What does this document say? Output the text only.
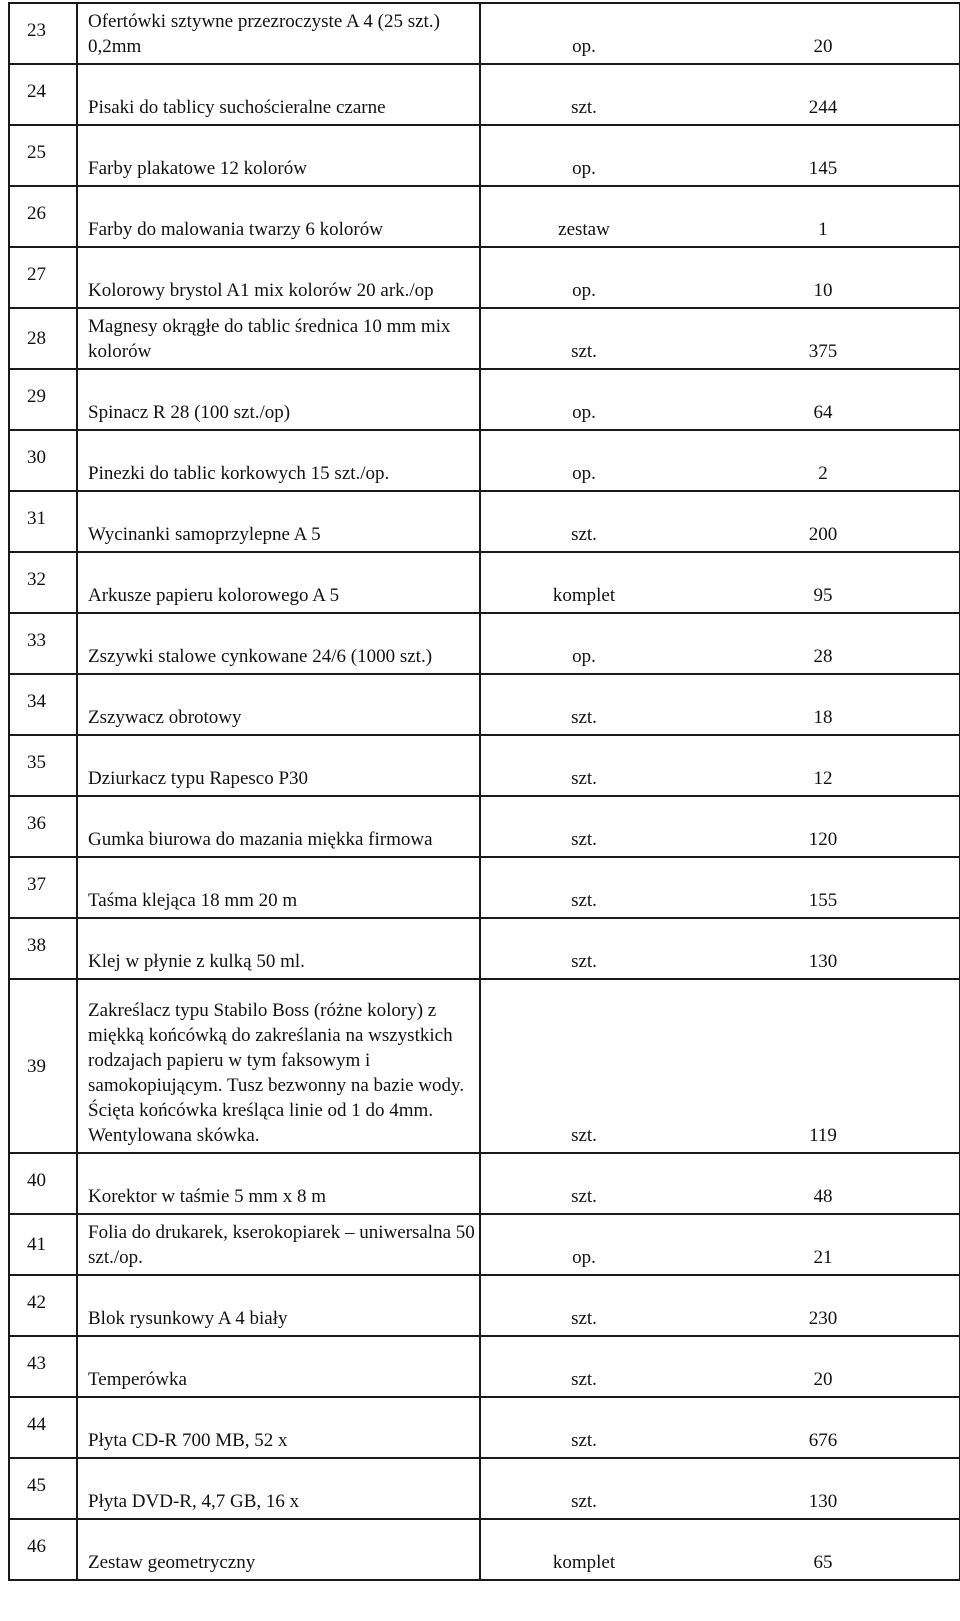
23	Ofertówki sztywne przezroczyste A 4 (25 szt.) 0,2mm	op.	20
24	Pisaki do tablicy suchościeralne czarne	szt.	244
25	Farby plakatowe 12 kolorów	op.	145
26	Farby do malowania twarzy 6 kolorów	zestaw	1
27	Kolorowy brystol A1 mix kolorów 20 ark./op	op.	10
28	Magnesy okrągłe do tablic średnica 10 mm mix kolorów	szt.	375
29	Spinacz R 28 (100 szt./op)	op.	64
30	Pinezki do tablic korkowych 15 szt./op.	op.	2
31	Wycinanki samoprzylepne A 5	szt.	200
32	Arkusze papieru kolorowego A 5	komplet	95
33	Zszywki stalowe cynkowane 24/6 (1000 szt.)	op.	28
34	Zszywacz obrotowy	szt.	18
35	Dziurkacz typu Rapesco P30	szt.	12
36	Gumka biurowa do mazania miękka firmowa	szt.	120
37	Taśma klejąca 18 mm 20 m	szt.	155
38	Klej w płynie z kulką 50 ml.	szt.	130
39	Zakreślacz typu Stabilo Boss (różne kolory) z miękką końcówką do zakreślania na wszystkich rodzajach papieru w tym faksowym i samokopiującym. Tusz bezwonny na bazie wody. Ścięta końcówka kreśląca linie od 1 do 4mm. Wentylowana skówka.	szt.	119
40	Korektor w taśmie 5 mm x 8 m	szt.	48
41	Folia do drukarek, kserokopiarek – uniwersalna 50 szt./op.	op.	21
42	Blok rysunkowy A 4 biały	szt.	230
43	Temperówka	szt.	20
44	Płyta CD-R 700 MB, 52 x	szt.	676
45	Płyta DVD-R, 4,7 GB, 16 x	szt.	130
46	Zestaw geometryczny	komplet	65
